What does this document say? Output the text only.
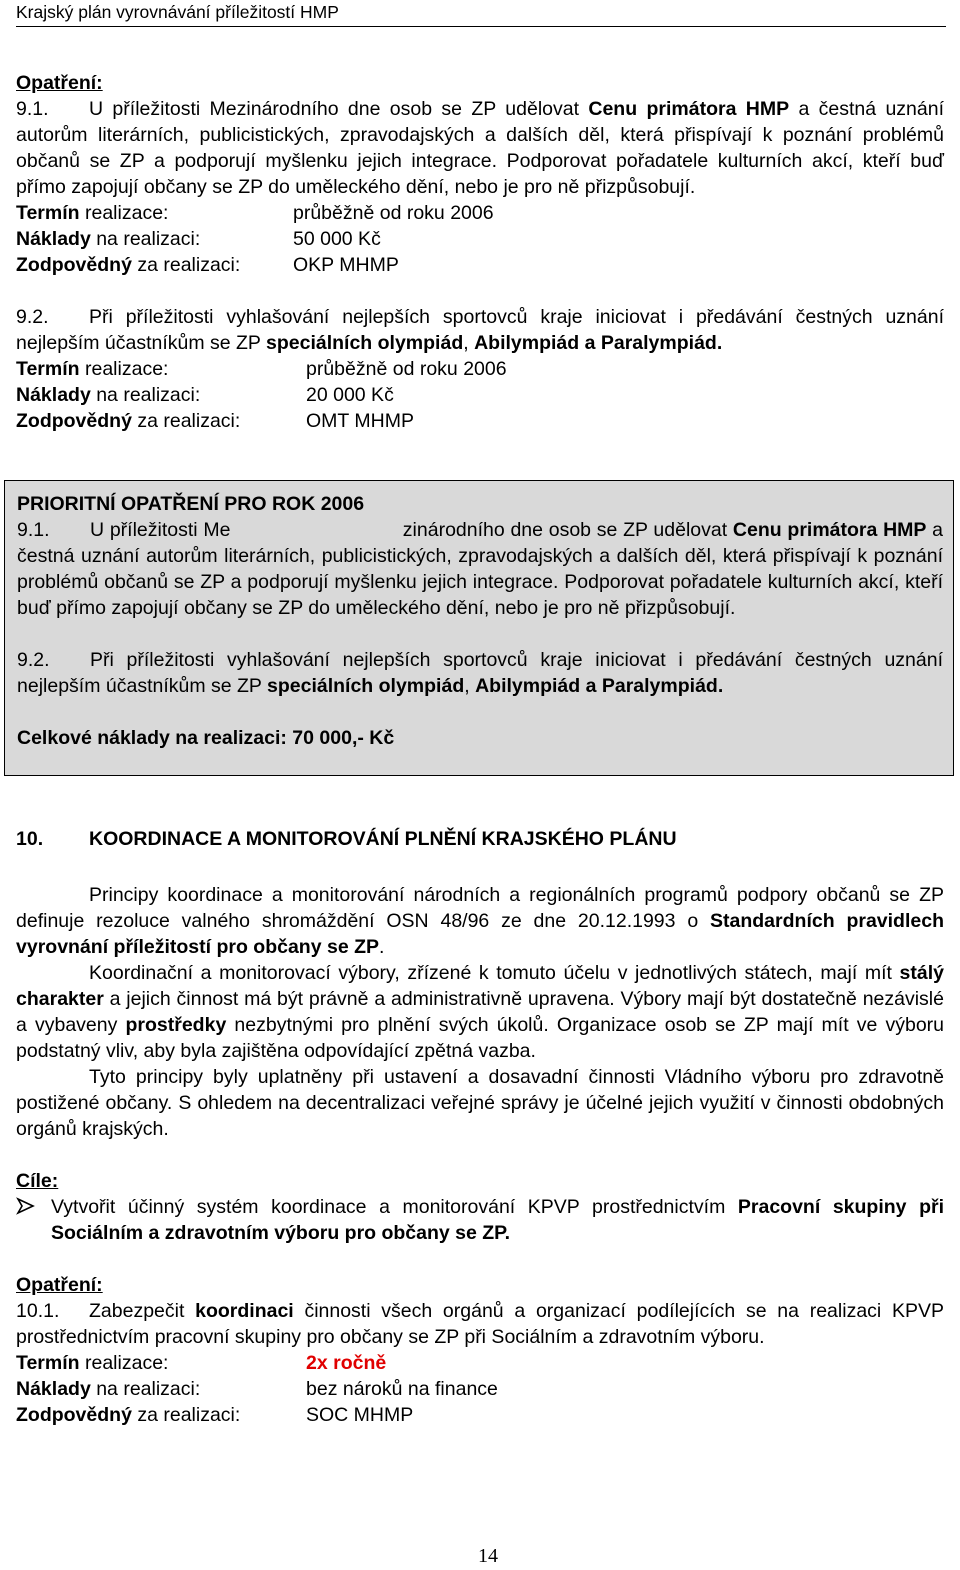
Krajský plán vyrovnávání příležitostí HMP
Opatření:
9.1. U příležitosti Mezinárodního dne osob se ZP udělovat Cenu primátora HMP a čestná uznání autorům literárních, publicistických, zpravodajských a dalších děl, která přispívají k poznání problémů občanů se ZP a podporují myšlenku jejich integrace. Podporovat pořadatele kulturních akcí, kteří buď přímo zapojují občany se ZP do uměleckého dění, nebo je pro ně přizpůsobují.
Termín realizace:	průběžně od roku 2006
Náklady na realizaci:	50 000 Kč
Zodpovědný za realizaci:	OKP MHMP
9.2. Při příležitosti vyhlašování nejlepších sportovců kraje iniciovat i předávání čestných uznání nejlepším účastníkům se ZP speciálních olympiád, Abilympiád a Paralympiád.
Termín realizace:	průběžně od roku 2006
Náklady na realizaci:	20 000 Kč
Zodpovědný za realizaci:	OMT MHMP
PRIORITNÍ OPATŘENÍ PRO ROK 2006
9.1. U příležitosti Me                              zinárodního dne osob se ZP udělovat Cenu primátora HMP a čestná uznání autorům literárních, publicistických, zpravodajských a dalších děl, která přispívají k poznání problémů občanů se ZP a podporují myšlenku jejich integrace. Podporovat pořadatele kulturních akcí, kteří buď přímo zapojují občany se ZP do uměleckého dění, nebo je pro ně přizpůsobují.
9.2. Při příležitosti vyhlašování nejlepších sportovců kraje iniciovat i předávání čestných uznání nejlepším účastníkům se ZP speciálních olympiád, Abilympiád a Paralympiád.
Celkové náklady na realizaci: 70 000,- Kč
10.	KOORDINACE A MONITOROVÁNÍ PLNĚNÍ KRAJSKÉHO PLÁNU
Principy koordinace a monitorování národních a regionálních programů podpory občanů se ZP definuje rezoluce valného shromáždění OSN 48/96 ze dne 20.12.1993 o Standardních pravidlech vyrovnání příležitostí pro občany se ZP.
Koordinační a monitorovací výbory, zřízené k tomuto účelu v jednotlivých státech, mají mít stálý charakter a jejich činnost má být právně a administrativně upravena. Výbory mají být dostatečně nezávislé a vybaveny prostředky nezbytnými pro plnění svých úkolů. Organizace osob se ZP mají mít ve výboru podstatný vliv, aby byla zajištěna odpovídající zpětná vazba.
Tyto principy byly uplatněny při ustavení a dosavadní činnosti Vládního výboru pro zdravotně postižené občany. S ohledem na decentralizaci veřejné správy je účelné jejich využití v činnosti obdobných orgánů krajských.
Cíle:
Vytvořit účinný systém koordinace a monitorování KPVP prostřednictvím Pracovní skupiny při Sociálním a zdravotním výboru pro občany se ZP.
Opatření:
10.1. Zabezpečit koordinaci činnosti všech orgánů a organizací podílejících se na realizaci KPVP prostřednictvím pracovní skupiny pro občany se ZP při Sociálním a zdravotním výboru.
Termín realizace:	2x ročně
Náklady na realizaci:	bez nároků na finance
Zodpovědný za realizaci:	SOC MHMP
14
